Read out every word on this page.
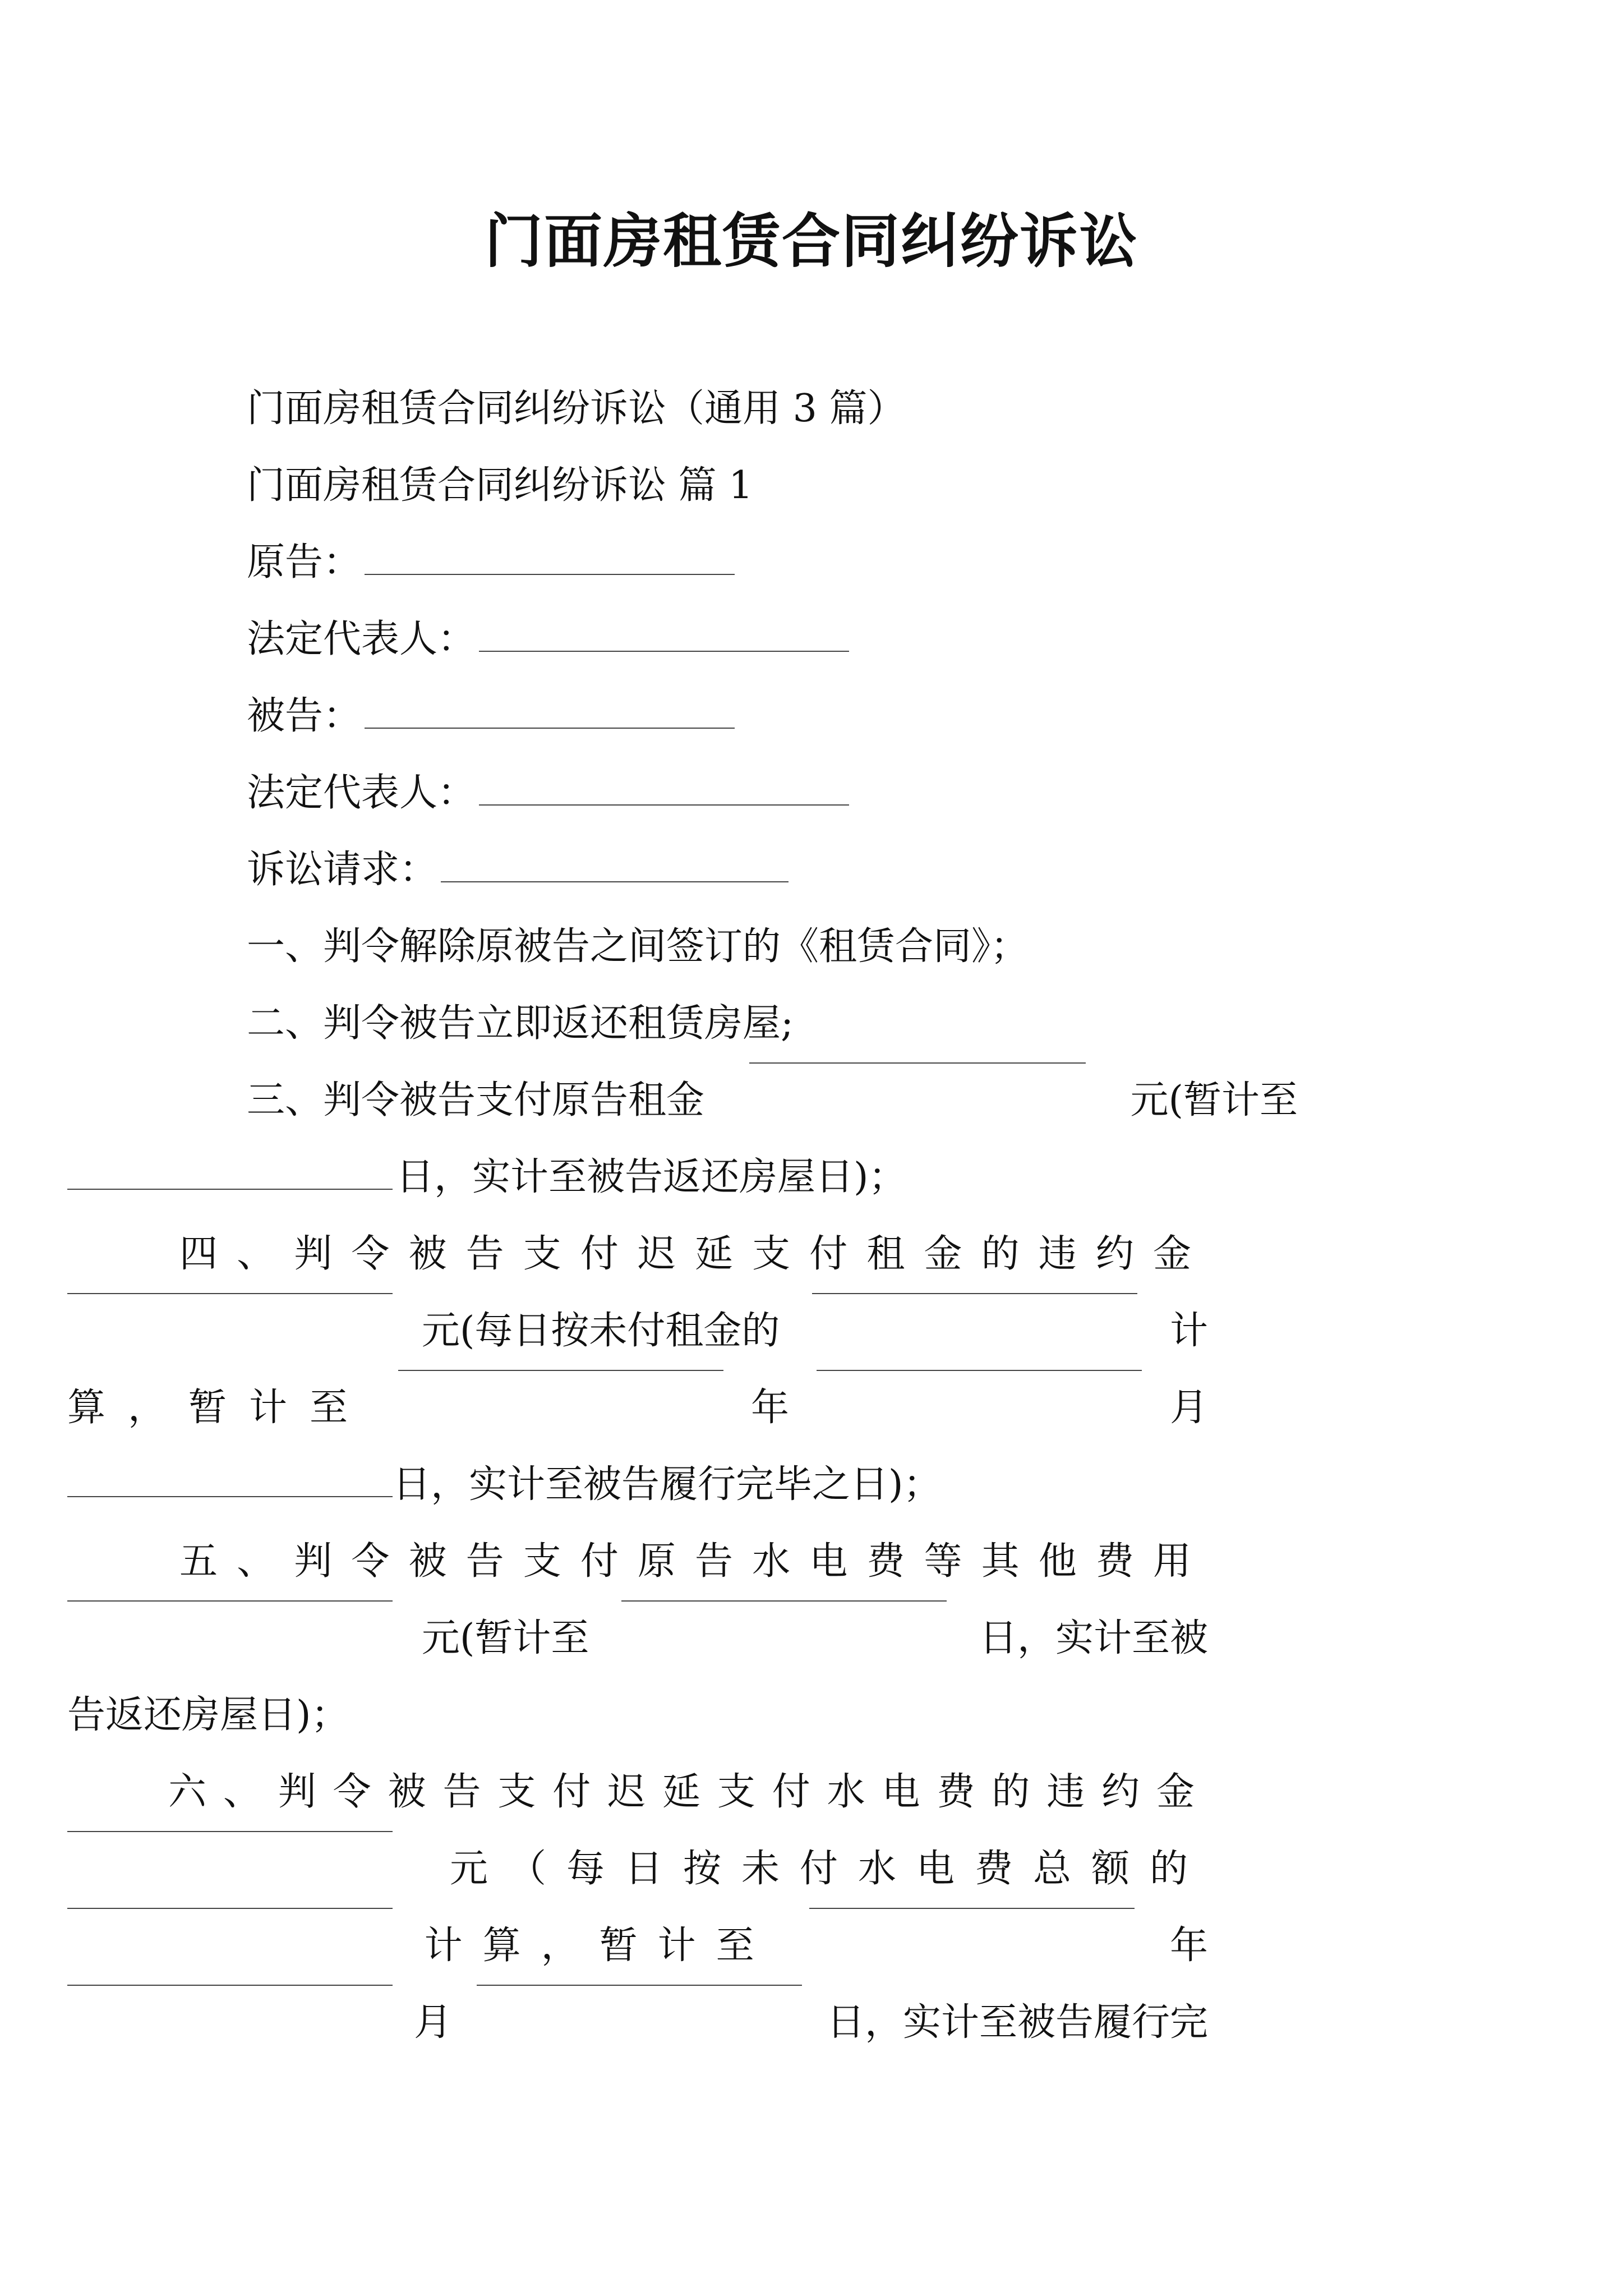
门面房租赁合同纠纷诉讼

门面房租赁合同纠纷诉讼（通用 3 篇）

门面房租赁合同纠纷诉讼 篇 1

原告：

法定代表人：

被告：

法定代表人：

诉讼请求：

一、判令解除原被告之间签订的《租赁合同》；

二、判令被告立即返还租赁房屋;

三、判令被告支付原告租金	元(暂计至
日，实计至被告返还房屋日)；
四、判令被告支付迟延支付租金的违约金
元(每日按未付租金的	计
算，暂计至	年	月
日，实计至被告履行完毕之日)；
五、判令被告支付原告水电费等其他费用
元(暂计至	日，实计至被
告返还房屋日)；
六、判令被告支付迟延支付水电费的违约金
元（每日按未付水电费总额的
计算，暂计至	年
月	日，实计至被告履行完
